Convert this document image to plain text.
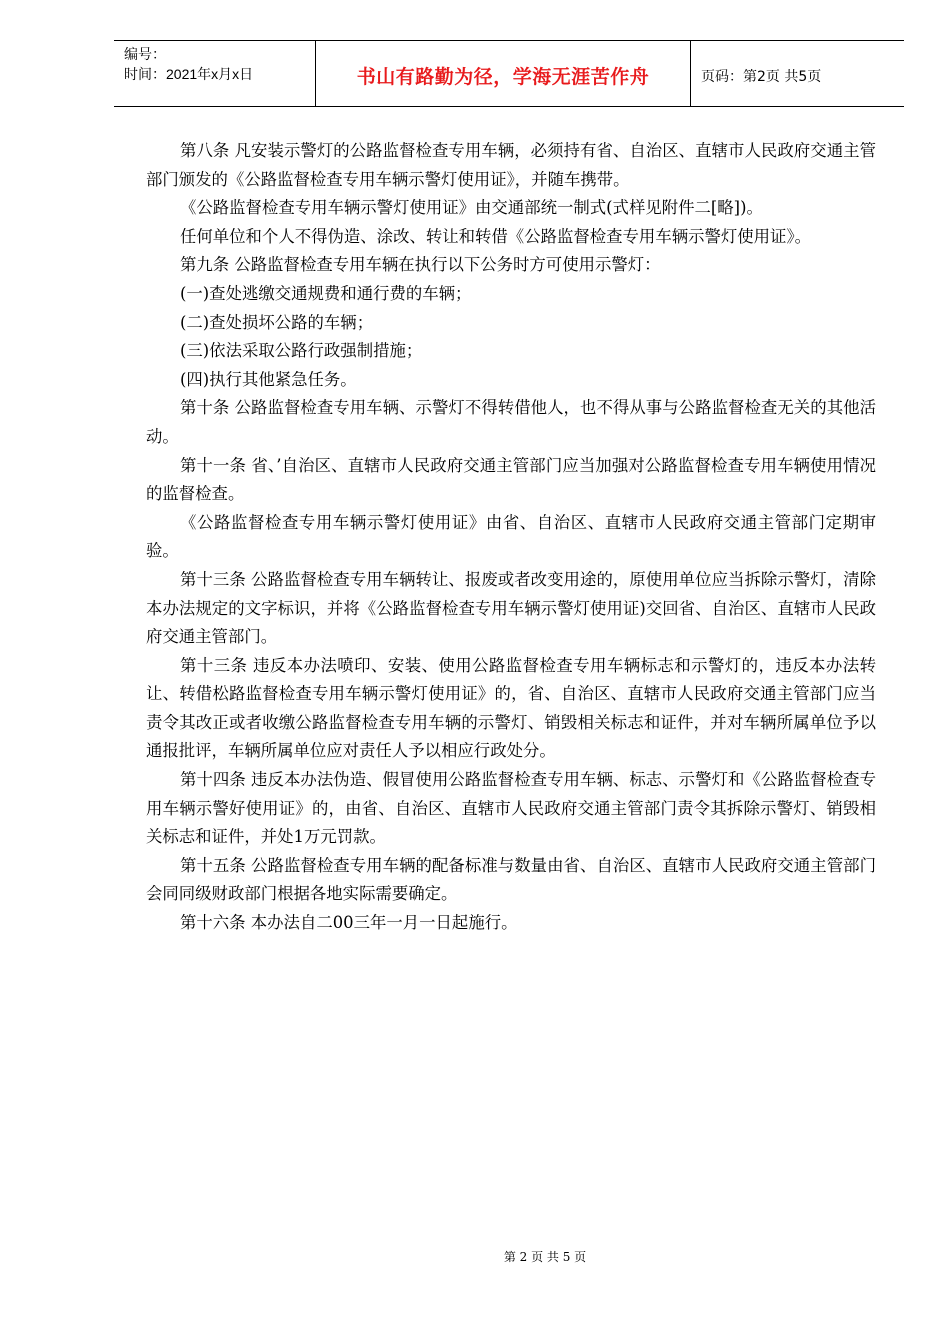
编号：
时间：2021年x月x日	书山有路勤为径，学海无涯苦作舟	页码：第2页 共5页

第八条 凡安装示警灯的公路监督检查专用车辆，必须持有省、自治区、直辖市人民政府交通主管部门颁发的《公路监督检查专用车辆示警灯使用证》，并随车携带。

《公路监督检查专用车辆示警灯使用证》由交通部统一制式(式样见附件二[略])。

任何单位和个人不得伪造、涂改、转让和转借《公路监督检查专用车辆示警灯使用证》。

第九条 公路监督检查专用车辆在执行以下公务时方可使用示警灯：

(一)查处逃缴交通规费和通行费的车辆；

(二)查处损坏公路的车辆；

(三)依法采取公路行政强制措施；

(四)执行其他紧急任务。

第十条 公路监督检查专用车辆、示警灯不得转借他人，也不得从事与公路监督检查无关的其他活动。

第十一条 省、’自治区、直辖市人民政府交通主管部门应当加强对公路监督检查专用车辆使用情况的监督检查。

《公路监督检查专用车辆示警灯使用证》由省、自治区、直辖市人民政府交通主管部门定期审验。

第十三条 公路监督检查专用车辆转让、报废或者改变用途的，原使用单位应当拆除示警灯，清除本办法规定的文字标识，并将《公路监督检查专用车辆示警灯使用证)交回省、自治区、直辖市人民政府交通主管部门。

第十三条 违反本办法喷印、安装、使用公路监督检查专用车辆标志和示警灯的，违反本办法转让、转借松路监督检查专用车辆示警灯使用证》的，省、自治区、直辖市人民政府交通主管部门应当责令其改正或者收缴公路监督检查专用车辆的示警灯、销毁相关标志和证件，并对车辆所属单位予以通报批评，车辆所属单位应对责任人予以相应行政处分。

第十四条 违反本办法伪造、假冒使用公路监督检查专用车辆、标志、示警灯和《公路监督检查专用车辆示警好使用证》的，由省、自治区、直辖市人民政府交通主管部门责令其拆除示警灯、销毁相关标志和证件，并处1万元罚款。

第十五条 公路监督检查专用车辆的配备标准与数量由省、自治区、直辖市人民政府交通主管部门会同同级财政部门根据各地实际需要确定。

第十六条 本办法自二00三年一月一日起施行。

第 2 页 共 5 页
